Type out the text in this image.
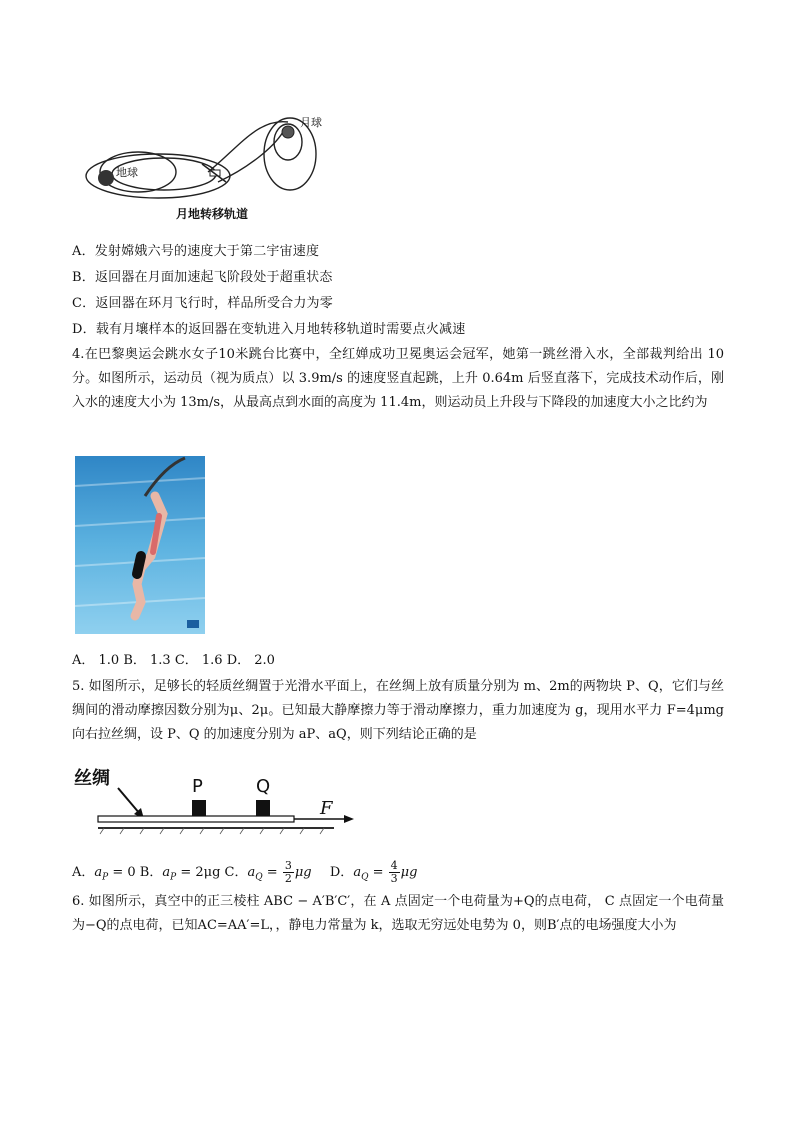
月球
地球
月地转移轨道
A．发射嫦娥六号的速度大于第二宇宙速度
B．返回器在月面加速起飞阶段处于超重状态
C．返回器在环月飞行时，样品所受合力为零
D．载有月壤样本的返回器在变轨进入月地转移轨道时需要点火减速
4.在巴黎奥运会跳水女子10米跳台比赛中，全红婵成功卫冕奥运会冠军，她第一跳丝滑入水，全部裁判给出 10 分。如图所示，运动员（视为质点）以 3.9m/s 的速度竖直起跳，上升 0.64m 后竖直落下，完成技术动作后，刚入水的速度大小为 13m/s，从最高点到水面的高度为 11.4m，则运动员上升段与下降段的加速度大小之比约为
A． 1.0 B． 1.3 C． 1.6 D． 2.0
5. 如图所示，足够长的轻质丝绸置于光滑水平面上，在丝绸上放有质量分别为 m、2m的两物块 P、Q，它们与丝绸间的滑动摩擦因数分别为μ、2μ。已知最大静摩擦力等于滑动摩擦力，重力加速度为 g，现用水平力 F=4μmg 向右拉丝绸，设 P、Q 的加速度分别为 aP、aQ，则下列结论正确的是
丝绸	P	Q
F
A．$a_P = 0$ B．$a_P = 2\mu g$ C．$a_Q = \frac{3}{2}$ μg D．$a_Q = \frac{4}{3}$ μg
6. 如图所示，真空中的正三棱柱 ABC − A′B′C′，在 A 点固定一个电荷量为+Q的点电荷， C 点固定一个电荷量为−Q的点电荷，已知AC=AA′=L，，静电力常量为 k，选取无穷远处电势为 0，则B′点的电场强度大小为
